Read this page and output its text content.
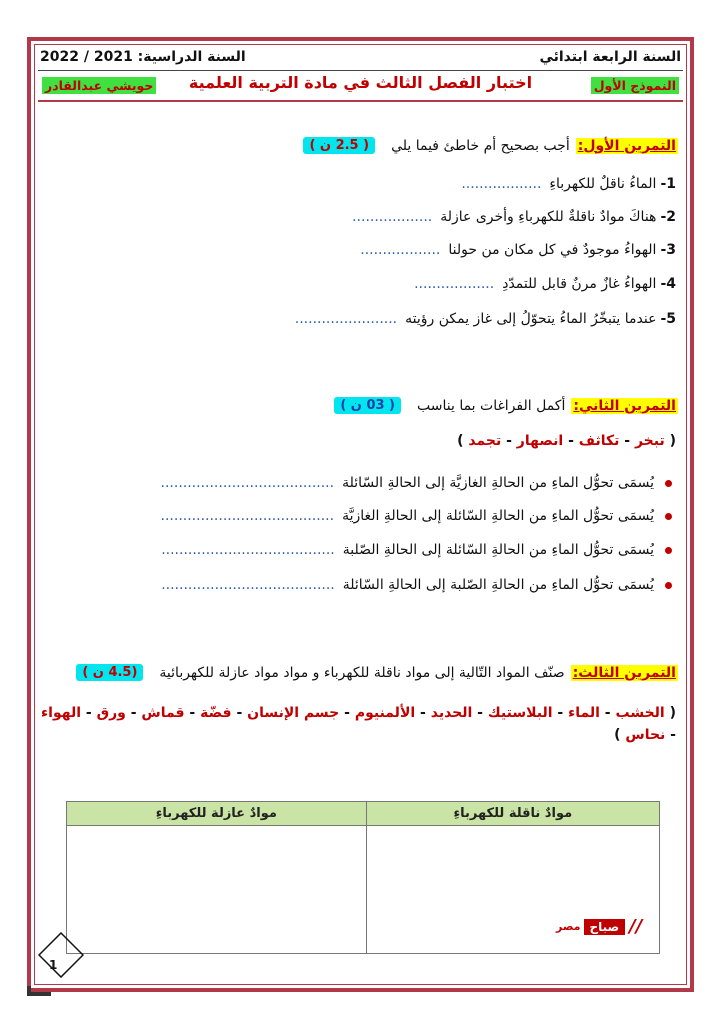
السنة الرابعة ابتدائي
السنة الدراسية: 2021 / 2022
النموذج الأول
اختبار الفصل الثالث في مادة التربية العلمية
حويشي عبدالقادر
التمرين الأول:
أجب بصحيح أم خاطئ فيما يلي
( 2.5 ن )
1-الماءُ ناقلٌ للكهرباءِ..................
2-هناكَ موادٌ ناقلةٌ للكهرباءِ وأخرى عازلة..................
3-الهواءُ موجودٌ في كل مكان من حولنا..................
4-الهواءُ غازٌ مرنٌ قابل للتمدّدِ..................
5-عندما يتبخّرُ الماءُ يتحوّلُ إلى غاز يمكن رؤيته.......................
التمرين الثاني:
أكمل الفراغات بما يناسب
( 03 ن )
( تبخر - تكاثف - انصهار - تجمد )
يُسمَى تحوُّل الماءِ من الحالةِ الغازيَّة إلى الحالةِ السّائلة.......................................
يُسمَى تحوُّل الماءِ من الحالةِ السّائلة إلى الحالةِ الغازيَّة.......................................
يُسمَى تحوُّل الماءِ من الحالةِ السّائلة إلى الحالةِ الصّلبة.......................................
يُسمَى تحوُّل الماءِ من الحالةِ الصّلبة إلى الحالةِ السّائلة.......................................
التمرين الثالث:
صنّف المواد التّالية إلى مواد ناقلة للكهرباء و مواد مواد عازلة للكهربائية
(4.5 ن )
( الخشب - الماء - البلاستيك - الحديد - الألمنيوم - جسم الإنسان - فضّة - قماش - ورق - الهواء - نحاس )
موادٌ ناقلة للكهرباءِ	موادٌ عازلة للكهرباءِ

1
//
صباح
مصر
